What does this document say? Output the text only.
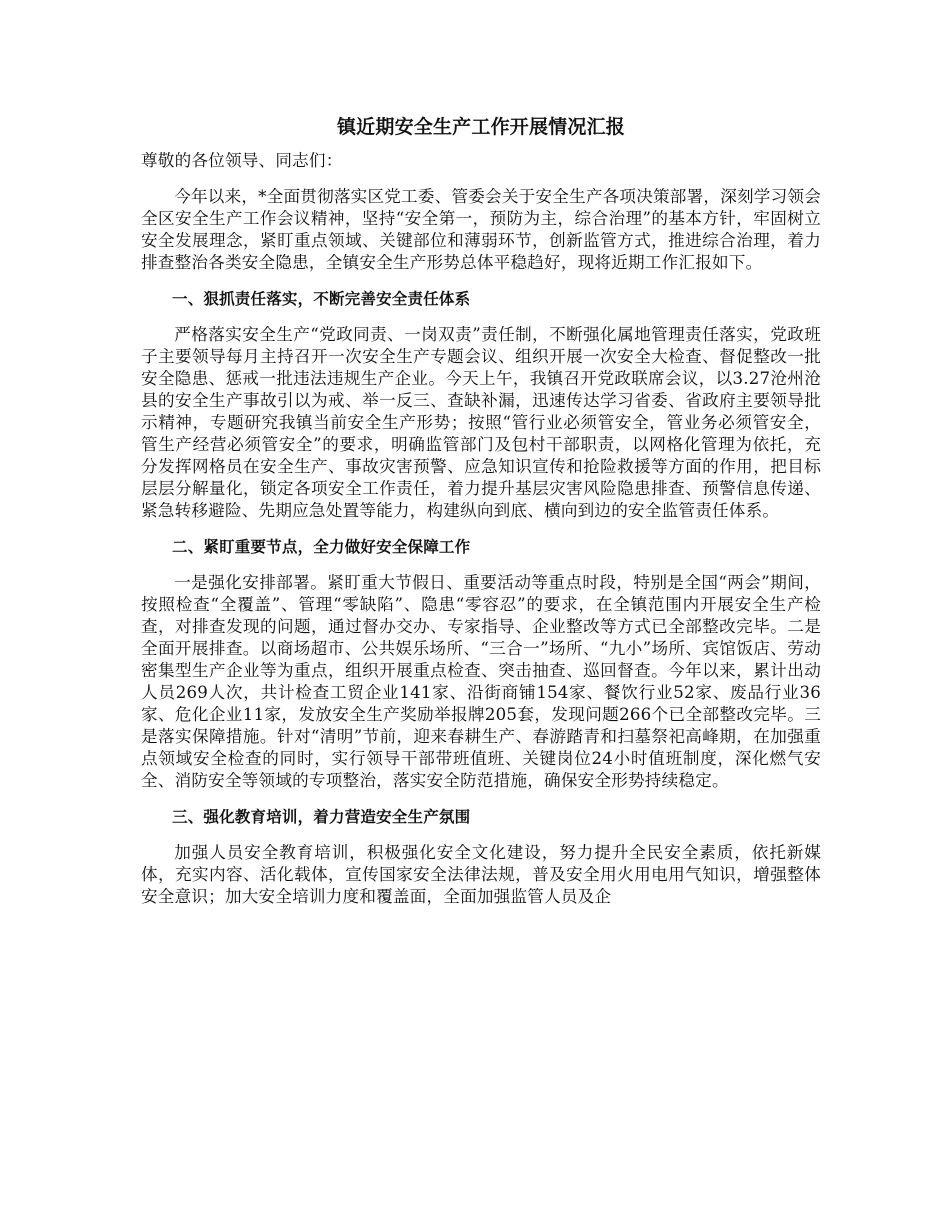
镇近期安全生产工作开展情况汇报
尊敬的各位领导、同志们：
今年以来，*全面贯彻落实区党工委、管委会关于安全生产各项决策部署，深刻学习领会全区安全生产工作会议精神，坚持“安全第一，预防为主，综合治理”的基本方针，牢固树立安全发展理念，紧盯重点领域、关键部位和薄弱环节，创新监管方式，推进综合治理，着力排查整治各类安全隐患，全镇安全生产形势总体平稳趋好，现将近期工作汇报如下。
一、狠抓责任落实，不断完善安全责任体系
严格落实安全生产“党政同责、一岗双责”责任制，不断强化属地管理责任落实，党政班子主要领导每月主持召开一次安全生产专题会议、组织开展一次安全大检查、督促整改一批安全隐患、惩戒一批违法违规生产企业。今天上午，我镇召开党政联席会议，以3.27沧州沧县的安全生产事故引以为戒、举一反三、查缺补漏，迅速传达学习省委、省政府主要领导批示精神，专题研究我镇当前安全生产形势；按照“管行业必须管安全，管业务必须管安全，管生产经营必须管安全”的要求，明确监管部门及包村干部职责，以网格化管理为依托，充分发挥网格员在安全生产、事故灾害预警、应急知识宣传和抢险救援等方面的作用，把目标层层分解量化，锁定各项安全工作责任，着力提升基层灾害风险隐患排查、预警信息传递、紧急转移避险、先期应急处置等能力，构建纵向到底、横向到边的安全监管责任体系。
二、紧盯重要节点，全力做好安全保障工作
一是强化安排部署。紧盯重大节假日、重要活动等重点时段，特别是全国“两会”期间，按照检查“全覆盖”、管理“零缺陷”、隐患“零容忍”的要求，在全镇范围内开展安全生产检查，对排查发现的问题，通过督办交办、专家指导、企业整改等方式已全部整改完毕。二是全面开展排查。以商场超市、公共娱乐场所、“三合一”场所、“九小”场所、宾馆饭店、劳动密集型生产企业等为重点，组织开展重点检查、突击抽查、巡回督查。今年以来，累计出动人员269人次，共计检查工贸企业141家、沿街商铺154家、餐饮行业52家、废品行业36家、危化企业11家，发放安全生产奖励举报牌205套，发现问题266个已全部整改完毕。三是落实保障措施。针对“清明”节前，迎来春耕生产、春游踏青和扫墓祭祀高峰期，在加强重点领域安全检查的同时，实行领导干部带班值班、关键岗位24小时值班制度，深化燃气安全、消防安全等领域的专项整治，落实安全防范措施，确保安全形势持续稳定。
三、强化教育培训，着力营造安全生产氛围
加强人员安全教育培训，积极强化安全文化建设，努力提升全民安全素质，依托新媒体，充实内容、活化载体，宣传国家安全法律法规，普及安全用火用电用气知识，增强整体安全意识；加大安全培训力度和覆盖面，全面加强监管人员及企
